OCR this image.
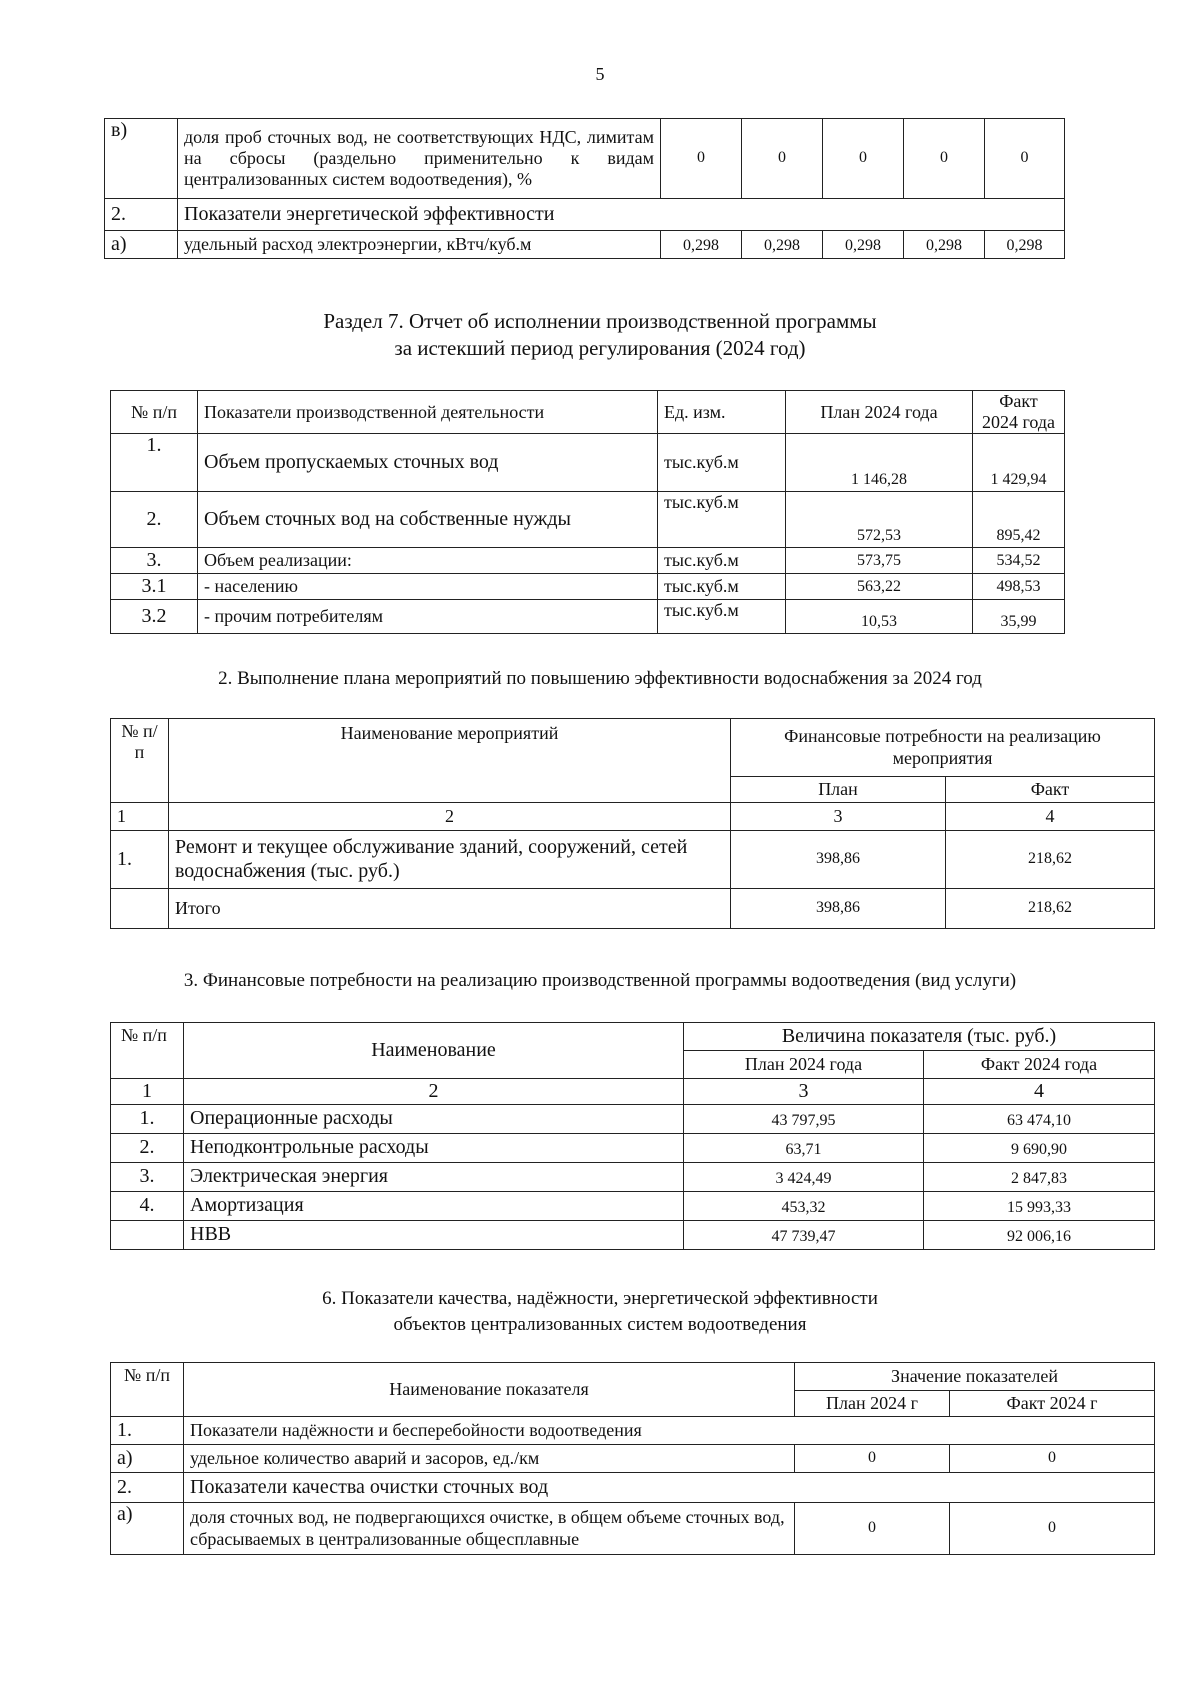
5
в)	доля проб сточных вод, не соответствующих НДС, лимитам на сбросы (раздельно применительно к видам централизованных систем водоотведения), %	0	0	0	0	0
2.	Показатели энергетической эффективности					
а)	удельный расход электроэнергии, кВтч/куб.м	0,298	0,298	0,298	0,298	0,298
Раздел 7. Отчет об исполнении производственной программы
за истекший период регулирования (2024 год)
№ п/п	Показатели производственной деятельности	Ед. изм.	План 2024 года	Факт 2024 года
1.	Объем пропускаемых сточных вод	тыс.куб.м	1 146,28	1 429,94
2.	Объем сточных вод на собственные нужды	тыс.куб.м	572,53	895,42
3.	Объем реализации:	тыс.куб.м	573,75	534,52
3.1	- населению	тыс.куб.м	563,22	498,53
3.2	- прочим потребителям	тыс.куб.м	10,53	35,99
2. Выполнение плана мероприятий по повышению эффективности водоснабжения за 2024 год
№ п/п	Наименование мероприятий	Финансовые потребности на реализацию мероприятия	
		План	Факт
1	2	3	4
1.	Ремонт и текущее обслуживание зданий, сооружений, сетей водоснабжения (тыс. руб.)	398,86	218,62
	Итого	398,86	218,62
3. Финансовые потребности на реализацию производственной программы водоотведения (вид услуги)
№ п/п	Наименование	Величина показателя (тыс. руб.)	
		План 2024 года	Факт 2024 года
1	2	3	4
1.	Операционные расходы	43 797,95	63 474,10
2.	Неподконтрольные расходы	63,71	9 690,90
3.	Электрическая энергия	3 424,49	2 847,83
4.	Амортизация	453,32	15 993,33
	НВВ	47 739,47	92 006,16
6. Показатели качества, надёжности, энергетической эффективности
объектов централизованных систем водоотведения
№ п/п	Наименование показателя	Значение показателей	
		План 2024 г	Факт 2024 г
1.	Показатели надёжности и бесперебойности водоотведения		
а)	удельное количество аварий и засоров, ед./км	0	0
2.	Показатели качества очистки сточных вод		
а)	доля сточных вод, не подвергающихся очистке, в общем объеме сточных вод, сбрасываемых в централизованные общесплавные	0	0
